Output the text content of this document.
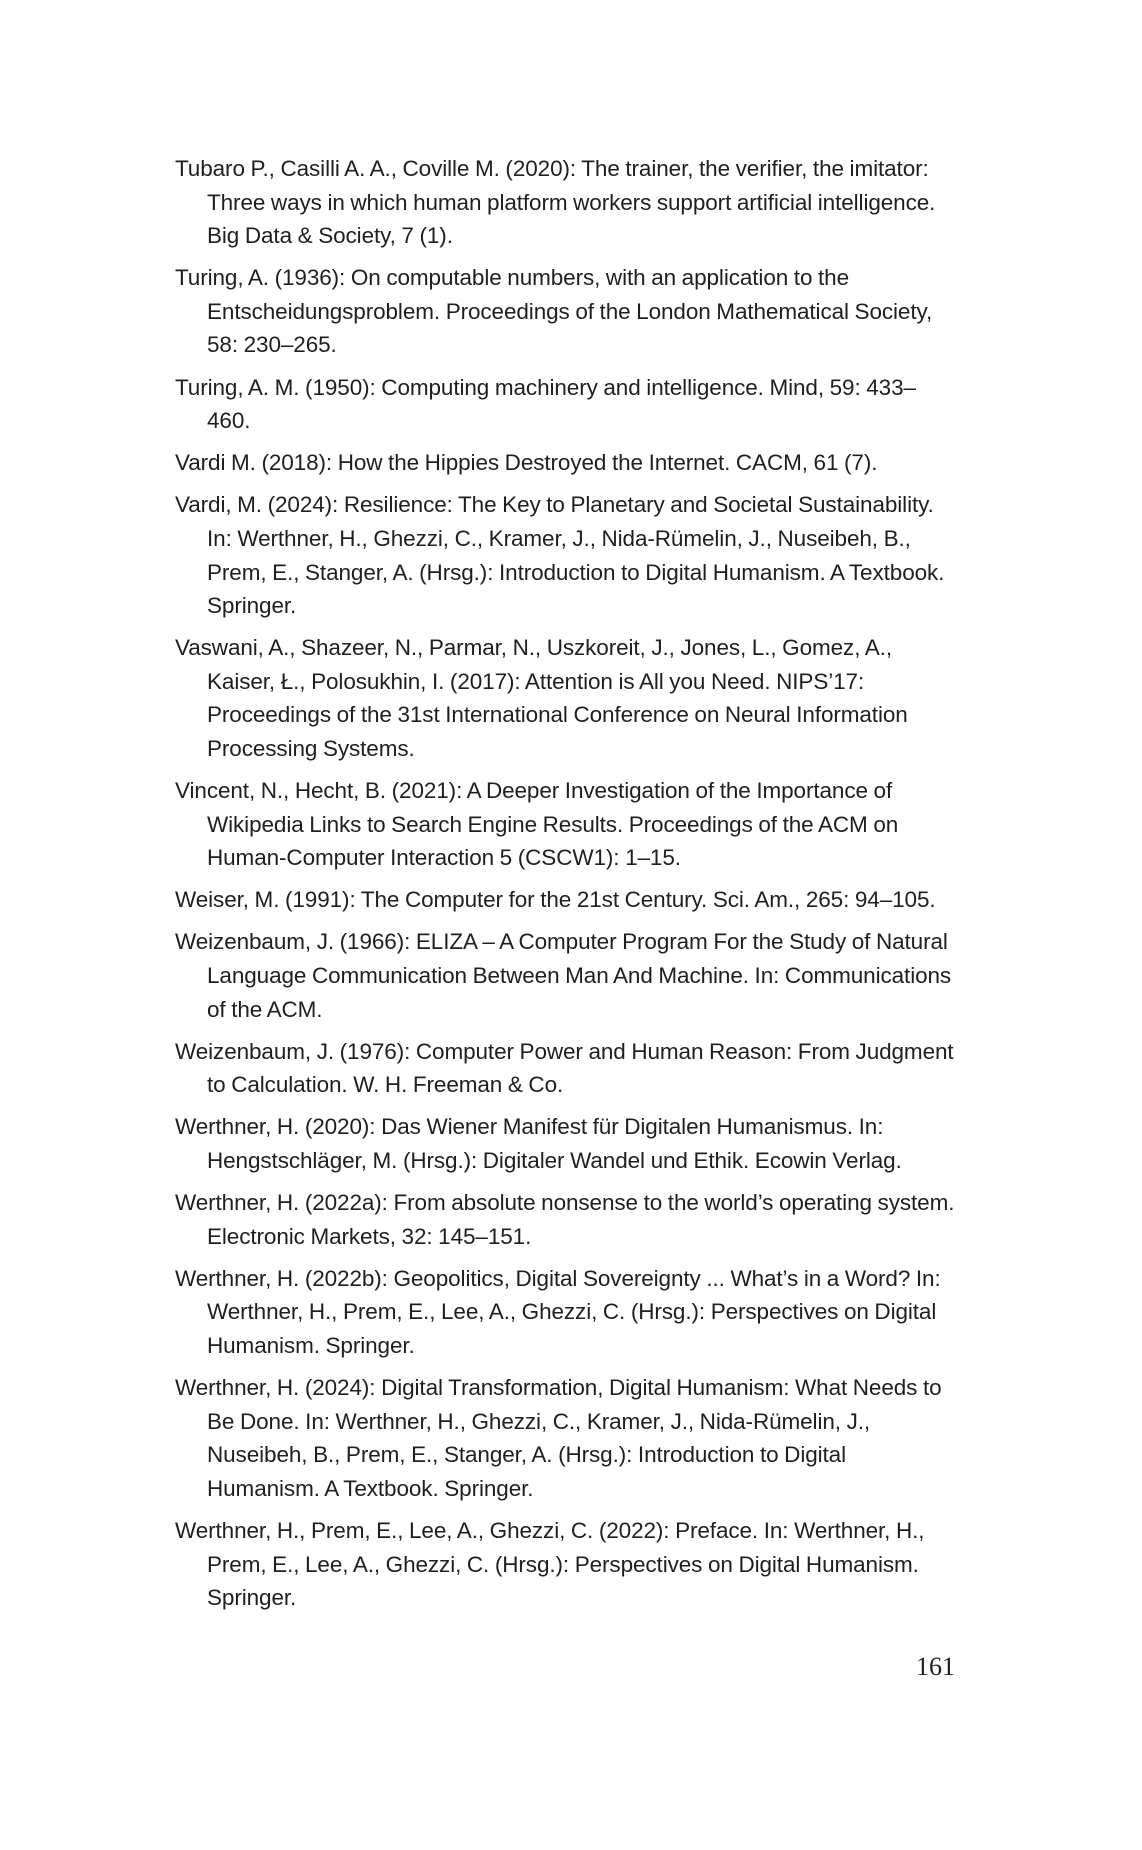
Tubaro P., Casilli A. A., Coville M. (2020): The trainer, the verifier, the imitator: Three ways in which human platform workers support artificial intelligence. Big Data & Society, 7 (1).
Turing, A. (1936): On computable numbers, with an application to the Entscheidungsproblem. Proceedings of the London Mathematical Society, 58: 230–265.
Turing, A. M. (1950): Computing machinery and intelligence. Mind, 59: 433–460.
Vardi M. (2018): How the Hippies Destroyed the Internet. CACM, 61 (7).
Vardi, M. (2024): Resilience: The Key to Planetary and Societal Sustainability. In: Werthner, H., Ghezzi, C., Kramer, J., Nida-Rümelin, J., Nuseibeh, B., Prem, E., Stanger, A. (Hrsg.): Introduction to Digital Humanism. A Textbook. Springer.
Vaswani, A., Shazeer, N., Parmar, N., Uszkoreit, J., Jones, L., Gomez, A., Kaiser, Ł., Polosukhin, I. (2017): Attention is All you Need. NIPS’17: Proceedings of the 31st International Conference on Neural Information Processing Systems.
Vincent, N., Hecht, B. (2021): A Deeper Investigation of the Importance of Wikipedia Links to Search Engine Results. Proceedings of the ACM on Human-Computer Interaction 5 (CSCW1): 1–15.
Weiser, M. (1991): The Computer for the 21st Century. Sci. Am., 265: 94–105.
Weizenbaum, J. (1966): ELIZA – A Computer Program For the Study of Natural Language Communication Between Man And Machine. In: Communications of the ACM.
Weizenbaum, J. (1976): Computer Power and Human Reason: From Judgment to Calculation. W. H. Freeman & Co.
Werthner, H. (2020): Das Wiener Manifest für Digitalen Humanismus. In: Hengstschläger, M. (Hrsg.): Digitaler Wandel und Ethik. Ecowin Verlag.
Werthner, H. (2022a): From absolute nonsense to the world’s operating system. Electronic Markets, 32: 145–151.
Werthner, H. (2022b): Geopolitics, Digital Sovereignty ... What’s in a Word? In: Werthner, H., Prem, E., Lee, A., Ghezzi, C. (Hrsg.): Perspectives on Digital Humanism. Springer.
Werthner, H. (2024): Digital Transformation, Digital Humanism: What Needs to Be Done. In: Werthner, H., Ghezzi, C., Kramer, J., Nida-Rümelin, J., Nuseibeh, B., Prem, E., Stanger, A. (Hrsg.): Introduction to Digital Humanism. A Textbook. Springer.
Werthner, H., Prem, E., Lee, A., Ghezzi, C. (2022): Preface. In: Werthner, H., Prem, E., Lee, A., Ghezzi, C. (Hrsg.): Perspectives on Digital Humanism. Springer.
161
